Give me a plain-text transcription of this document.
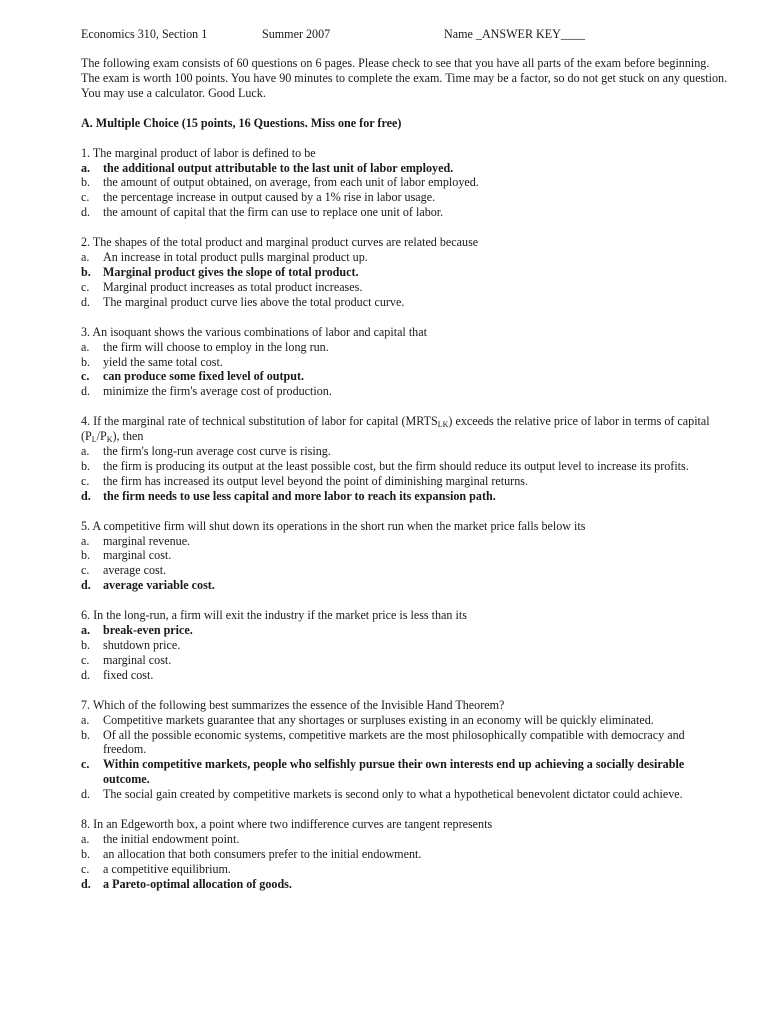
Economics 310, Section 1	Summer 2007	Name _ANSWER KEY____
The following exam consists of 60 questions on 6 pages. Please check to see that you have all parts of the exam before beginning. The exam is worth 100 points. You have 90 minutes to complete the exam. Time may be a factor, so do not get stuck on any question. You may use a calculator. Good Luck.
A. Multiple Choice (15 points, 16 Questions. Miss one for free)
1. The marginal product of labor is defined to be
a.	the additional output attributable to the last unit of labor employed.
b.	the amount of output obtained, on average, from each unit of labor employed.
c.	the percentage increase in output caused by a 1% rise in labor usage.
d.	the amount of capital that the firm can use to replace one unit of labor.
2. The shapes of the total product and marginal product curves are related because
a.	An increase in total product pulls marginal product up.
b.	Marginal product gives the slope of total product.
c.	Marginal product increases as total product increases.
d.	The marginal product curve lies above the total product curve.
3. An isoquant shows the various combinations of labor and capital that
a.	the firm will choose to employ in the long run.
b.	yield the same total cost.
c.	can produce some fixed level of output.
d.	minimize the firm's average cost of production.
4. If the marginal rate of technical substitution of labor for capital $(MRTS_{LK})$ exceeds the relative price of labor in terms of capital $(P_L/P_K)$, then
a.	the firm's long-run average cost curve is rising.
b.	the firm is producing its output at the least possible cost, but the firm should reduce its output level to increase its profits.
c.	the firm has increased its output level beyond the point of diminishing marginal returns.
d.	the firm needs to use less capital and more labor to reach its expansion path.
5. A competitive firm will shut down its operations in the short run when the market price falls below its
a.	marginal revenue.
b.	marginal cost.
c.	average cost.
d.	average variable cost.
6. In the long-run, a firm will exit the industry if the market price is less than its
a.	break-even price.
b.	shutdown price.
c.	marginal cost.
d.	fixed cost.
7. Which of the following best summarizes the essence of the Invisible Hand Theorem?
a.	Competitive markets guarantee that any shortages or surpluses existing in an economy will be quickly eliminated.
b.	Of all the possible economic systems, competitive markets are the most philosophically compatible with democracy and freedom.
c.	Within competitive markets, people who selfishly pursue their own interests end up achieving a socially desirable outcome.
d.	The social gain created by competitive markets is second only to what a hypothetical benevolent dictator could achieve.
8. In an Edgeworth box, a point where two indifference curves are tangent represents
a.	the initial endowment point.
b.	an allocation that both consumers prefer to the initial endowment.
c.	a competitive equilibrium.
d.	a Pareto-optimal allocation of goods.
